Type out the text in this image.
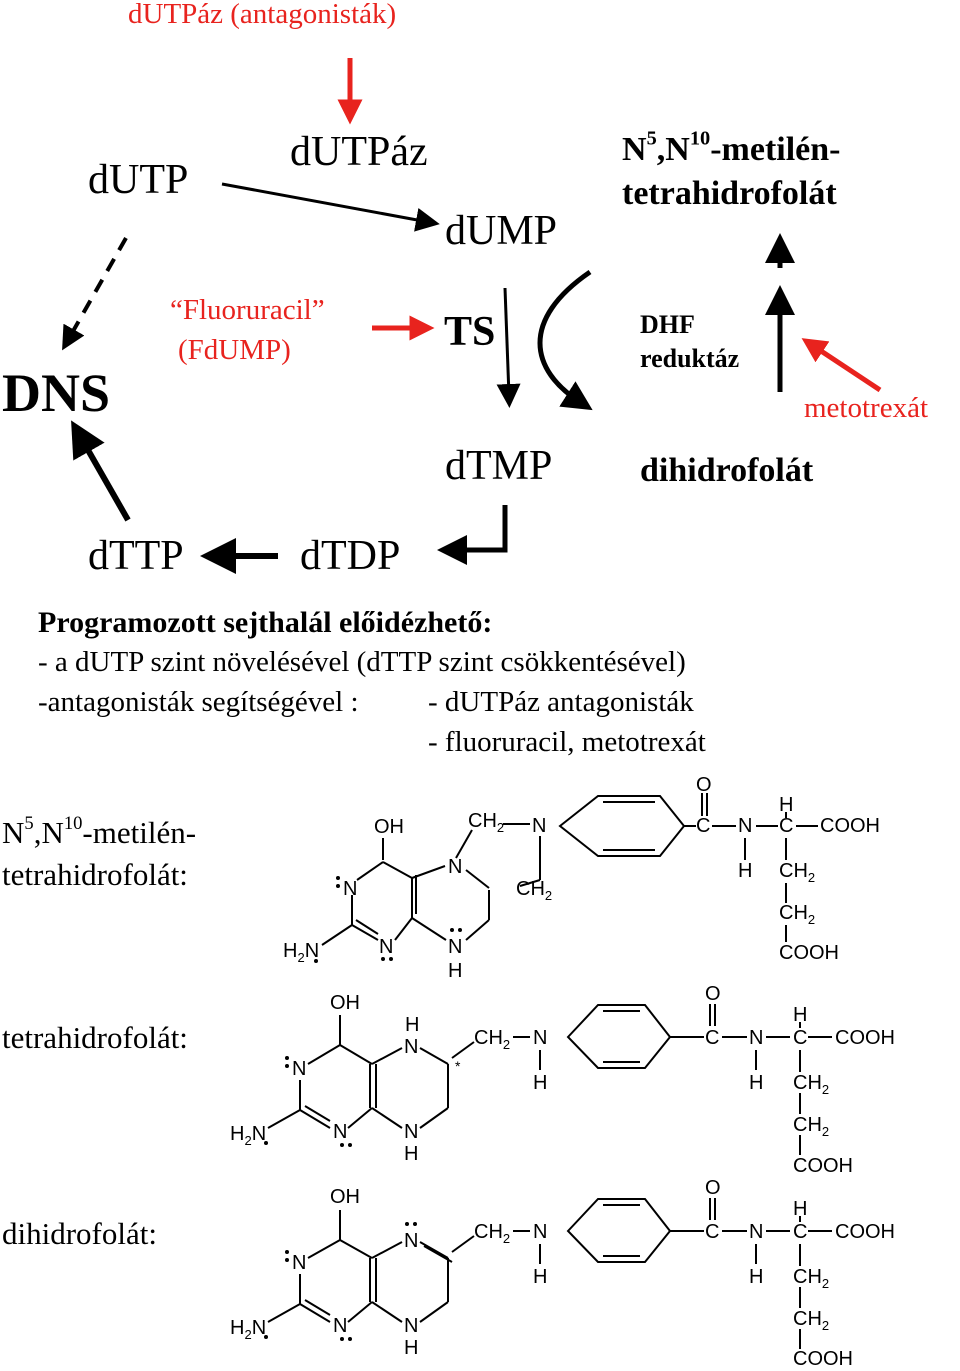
dUTPáz (antagonisták)
dUTP
dUTPáz
dUMP
$N^5,N^{10}-metilén-$
tetrahidrofolát
DNS
“Fluoruracil”
(FdUMP)	TS	DHF
reduktáz
metotrexát
dTMP	dihidrofolát
dTTP	dTDP
Programozott sejthalál előidézhető:
- a dUTP szint növelésével (dTTP szint csökkentésével)
-antagonisták segítségével : - dUTPáz antagonisták
- fluoruracil, metotrexát
$N^5,N^{10}-metilén-$
tetrahidrofolát:
tetrahidrofolát:
dihidrofolát:
OH
N
N
$CH_2$ N
$CH_2$
$H_2N$	N	N
H
O
C N
H
H
C COOH
$CH_2$
$CH_2$
COOH
OH
H
N
N	*
$CH_2$ N
H
$H_2N$	N	N
H
O
C N
H
H
C COOH
$CH_2$
$CH_2$
COOH
OH
N
N
$CH_2$ N
H
$H_2N$	N	N
H
O
C N
H
H
C COOH
$CH_2$
$CH_2$
COOH
